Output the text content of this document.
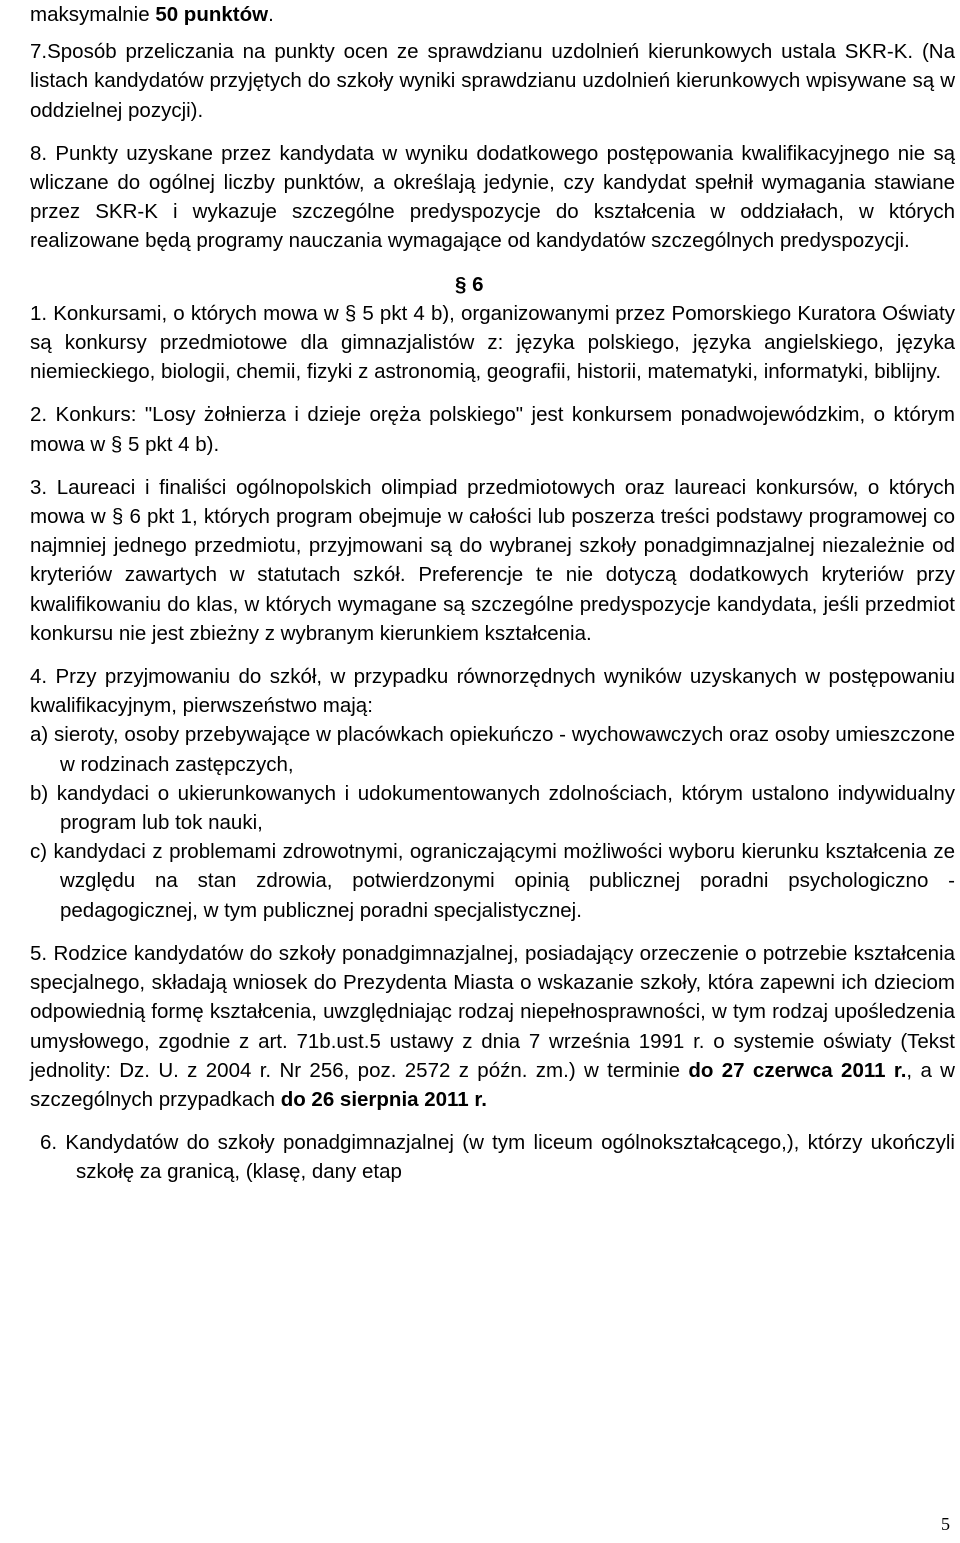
maksymalnie 50 punktów.

7.Sposób przeliczania na punkty ocen ze sprawdzianu uzdolnień kierunkowych ustala SKR-K. (Na listach kandydatów przyjętych do szkoły wyniki sprawdzianu uzdolnień kierunkowych wpisywane są w oddzielnej pozycji).

8. Punkty uzyskane przez kandydata w wyniku dodatkowego postępowania kwalifikacyjnego nie są wliczane do ogólnej liczby punktów, a określają jedynie, czy kandydat spełnił wymagania stawiane przez SKR-K i wykazuje szczególne predyspozycje do kształcenia w oddziałach, w których realizowane będą programy nauczania wymagające od kandydatów szczególnych predyspozycji.

§ 6

1. Konkursami, o których mowa w § 5 pkt 4 b), organizowanymi przez Pomorskiego Kuratora Oświaty są konkursy przedmiotowe dla gimnazjalistów z: języka polskiego, języka angielskiego, języka niemieckiego, biologii, chemii, fizyki z astronomią, geografii, historii, matematyki, informatyki, biblijny.

2. Konkurs: "Losy żołnierza i dzieje oręża polskiego" jest konkursem ponadwojewódzkim, o którym mowa w § 5 pkt 4 b).

3. Laureaci i finaliści ogólnopolskich olimpiad przedmiotowych oraz laureaci konkursów, o których mowa w § 6 pkt 1, których program obejmuje w całości lub poszerza treści podstawy programowej co najmniej jednego przedmiotu, przyjmowani są do wybranej szkoły ponadgimnazjalnej niezależnie od kryteriów zawartych w statutach szkół. Preferencje te nie dotyczą dodatkowych kryteriów przy kwalifikowaniu do klas, w których wymagane są szczególne predyspozycje kandydata, jeśli przedmiot konkursu nie jest zbieżny z wybranym kierunkiem kształcenia.

4. Przy przyjmowaniu do szkół, w przypadku równorzędnych wyników uzyskanych w postępowaniu kwalifikacyjnym, pierwszeństwo mają:

a) sieroty, osoby przebywające w placówkach opiekuńczo - wychowawczych oraz osoby umieszczone w rodzinach zastępczych,

b) kandydaci o ukierunkowanych i udokumentowanych zdolnościach, którym ustalono indywidualny program lub tok nauki,

c) kandydaci z problemami zdrowotnymi, ograniczającymi możliwości wyboru kierunku kształcenia ze względu na stan zdrowia, potwierdzonymi opinią publicznej poradni psychologiczno -pedagogicznej, w tym publicznej poradni specjalistycznej.

5. Rodzice kandydatów do szkoły ponadgimnazjalnej, posiadający orzeczenie o potrzebie kształcenia specjalnego, składają wniosek do Prezydenta Miasta o wskazanie szkoły, która zapewni ich dzieciom odpowiednią formę kształcenia, uwzględniając rodzaj niepełnosprawności, w tym rodzaj upośledzenia umysłowego, zgodnie z art. 71b.ust.5 ustawy z dnia 7 września 1991 r. o systemie oświaty (Tekst jednolity: Dz. U. z 2004 r. Nr 256, poz. 2572 z późn. zm.) w terminie do 27 czerwca 2011 r., a w szczególnych przypadkach do 26 sierpnia 2011 r.

6. Kandydatów do szkoły ponadgimnazjalnej (w tym liceum ogólnokształcącego,), którzy ukończyli szkołę za granicą, (klasę, dany etap

5
